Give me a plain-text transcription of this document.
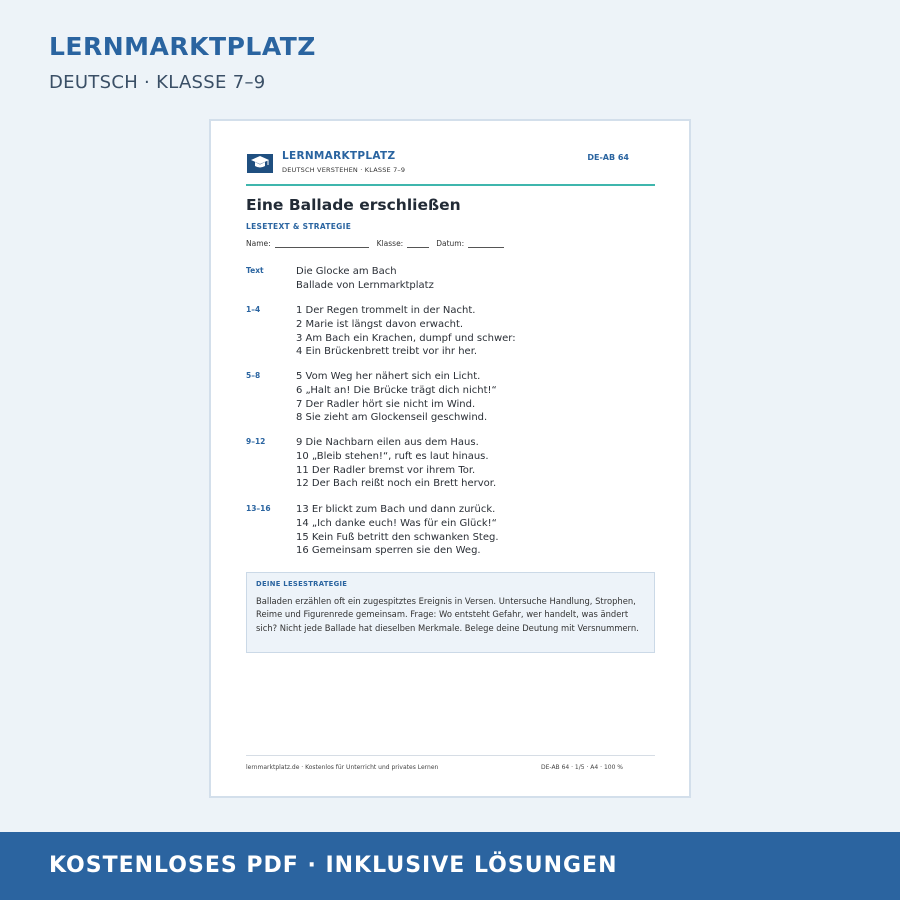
LERNMARKTPLATZ
DEUTSCH · KLASSE 7–9
LERNMARKTPLATZ
DEUTSCH VERSTEHEN · KLASSE 7–9
DE-AB 64
Eine Ballade erschließen
LESETEXT & STRATEGIE
Name:	Klasse:	Datum:
Text	Die Glocke am Bach
Ballade von Lernmarktplatz
1–4	1 Der Regen trommelt in der Nacht.
2 Marie ist längst davon erwacht.
3 Am Bach ein Krachen, dumpf und schwer:
4 Ein Brückenbrett treibt vor ihr her.
5–8	5 Vom Weg her nähert sich ein Licht.
6 „Halt an! Die Brücke trägt dich nicht!“
7 Der Radler hört sie nicht im Wind.
8 Sie zieht am Glockenseil geschwind.
9–12	9 Die Nachbarn eilen aus dem Haus.
10 „Bleib stehen!“, ruft es laut hinaus.
11 Der Radler bremst vor ihrem Tor.
12 Der Bach reißt noch ein Brett hervor.
13–16	13 Er blickt zum Bach und dann zurück.
14 „Ich danke euch! Was für ein Glück!“
15 Kein Fuß betritt den schwanken Steg.
16 Gemeinsam sperren sie den Weg.
DEINE LESESTRATEGIE
Balladen erzählen oft ein zugespitztes Ereignis in Versen. Untersuche Handlung, Strophen, Reime und Figurenrede gemeinsam. Frage: Wo entsteht Gefahr, wer handelt, was ändert sich? Nicht jede Ballade hat dieselben Merkmale. Belege deine Deutung mit Versnummern.
lernmarktplatz.de · Kostenlos für Unterricht und privates Lernen	DE-AB 64 · 1/5 · A4 · 100 %
KOSTENLOSES PDF · INKLUSIVE LÖSUNGEN
